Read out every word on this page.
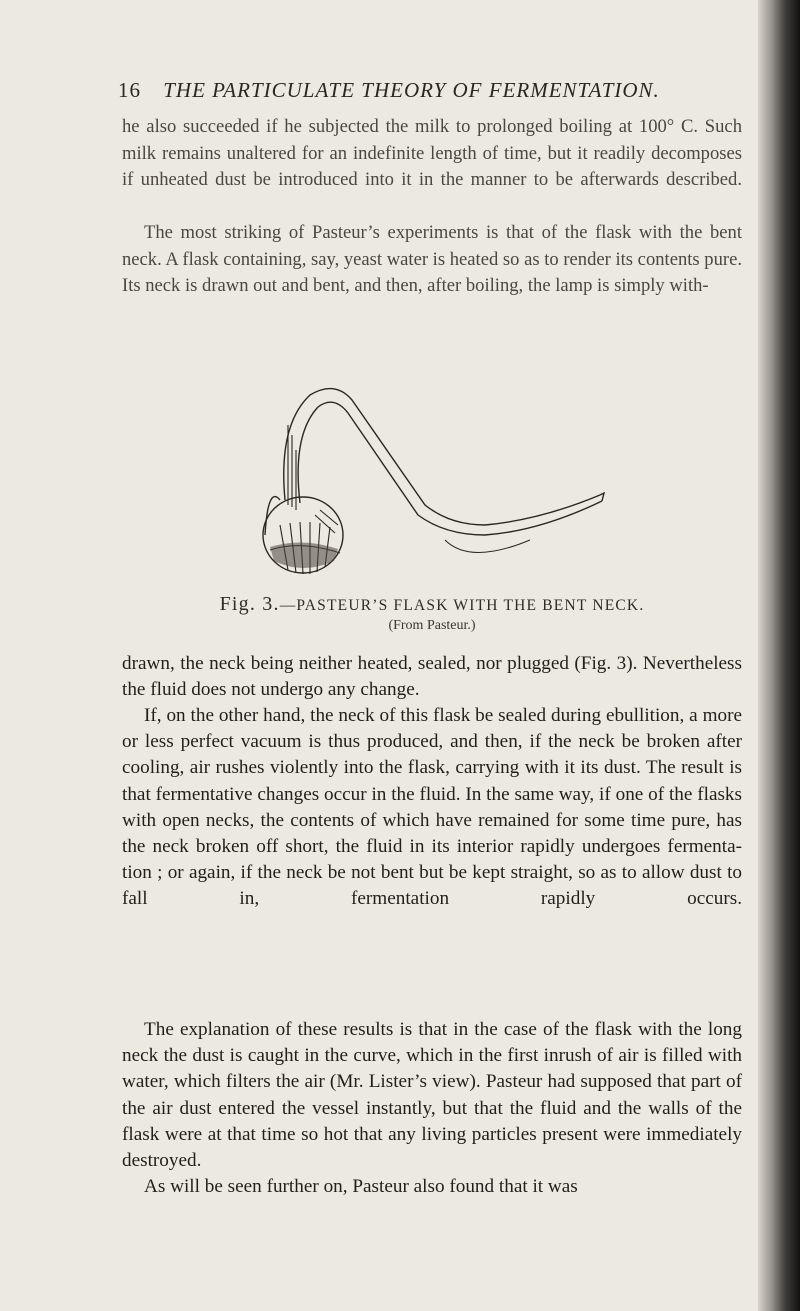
16 THE PARTICULATE THEORY OF FERMENTATION.

he also succeeded if he subjected the milk to prolonged boiling at 100° C. Such milk remains unaltered for an indefinite length of time, but it readily decomposes if unheated dust be introduced into it in the manner to be afterwards described.

The most striking of Pasteur’s experiments is that of the flask with the bent neck. A flask containing, say, yeast water is heated so as to render its contents pure. Its neck is drawn out and bent, and then, after boiling, the lamp is simply with-

Fig. 3.—PASTEUR’S FLASK WITH THE BENT NECK.
(From Pasteur.)

drawn, the neck being neither heated, sealed, nor plugged (Fig. 3). Nevertheless the fluid does not undergo any change.

If, on the other hand, the neck of this flask be sealed during ebullition, a more or less perfect vacuum is thus produced, and then, if the neck be broken after cooling, air rushes violently into the flask, carrying with it its dust. The result is that fermentative changes occur in the fluid. In the same way, if one of the flasks with open necks, the contents of which have remained for some time pure, has the neck broken off short, the fluid in its interior rapidly undergoes fermenta- tion ; or again, if the neck be not bent but be kept straight, so as to allow dust to fall in, fermentation rapidly occurs.

The explanation of these results is that in the case of the flask with the long neck the dust is caught in the curve, which in the first inrush of air is filled with water, which filters the air (Mr. Lister’s view). Pasteur had supposed that part of the air dust entered the vessel instantly, but that the fluid and the walls of the flask were at that time so hot that any living particles present were immediately destroyed.

As will be seen further on, Pasteur also found that it was
